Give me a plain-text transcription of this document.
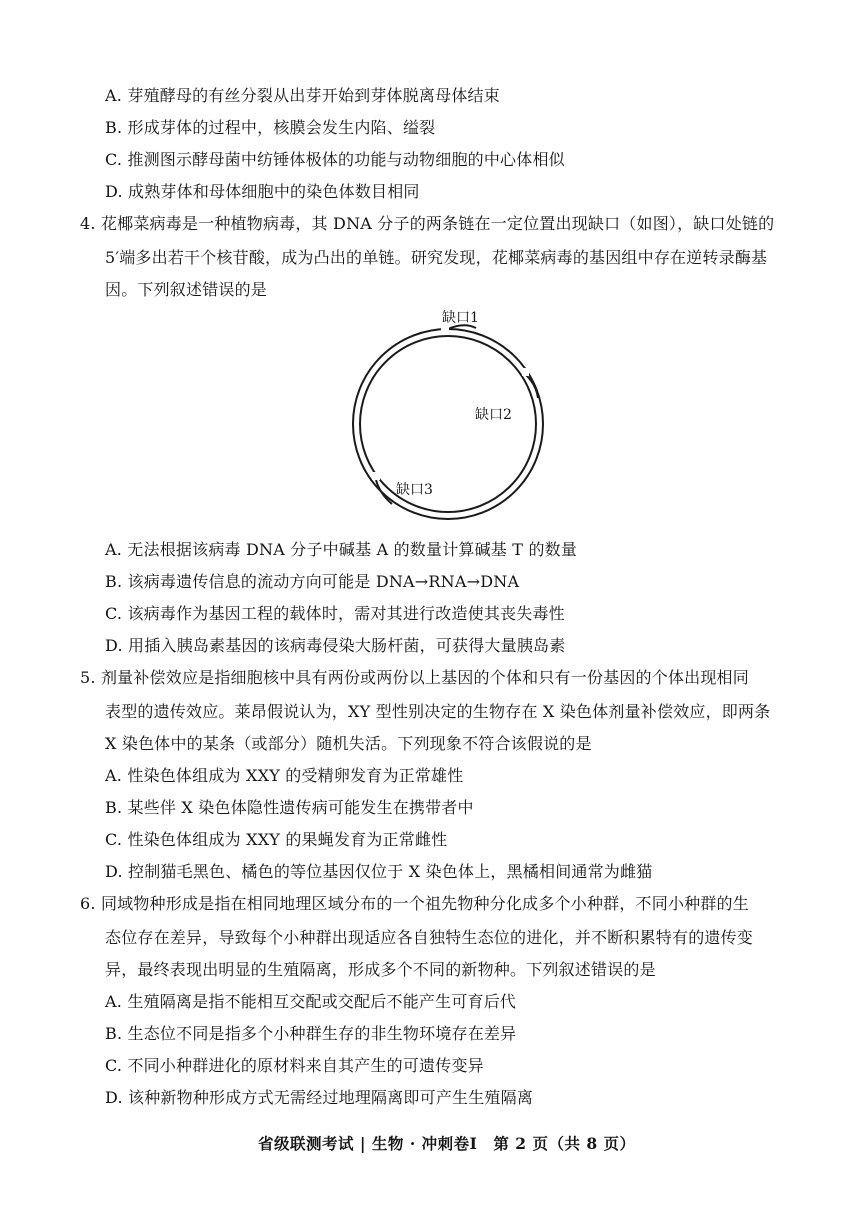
A. 芽殖酵母的有丝分裂从出芽开始到芽体脱离母体结束
B. 形成芽体的过程中，核膜会发生内陷、缢裂
C. 推测图示酵母菌中纺锤体极体的功能与动物细胞的中心体相似
D. 成熟芽体和母体细胞中的染色体数目相同
4. 花椰菜病毒是一种植物病毒，其 DNA 分子的两条链在一定位置出现缺口（如图），缺口处链的
5′端多出若干个核苷酸，成为凸出的单链。研究发现，花椰菜病毒的基因组中存在逆转录酶基
因。下列叙述错误的是
缺口1
缺口2
缺口3
A. 无法根据该病毒 DNA 分子中碱基 A 的数量计算碱基 T 的数量
B. 该病毒遗传信息的流动方向可能是 DNA→RNA→DNA
C. 该病毒作为基因工程的载体时，需对其进行改造使其丧失毒性
D. 用插入胰岛素基因的该病毒侵染大肠杆菌，可获得大量胰岛素
5. 剂量补偿效应是指细胞核中具有两份或两份以上基因的个体和只有一份基因的个体出现相同
表型的遗传效应。莱昂假说认为，XY 型性别决定的生物存在 X 染色体剂量补偿效应，即两条
X 染色体中的某条（或部分）随机失活。下列现象不符合该假说的是
A. 性染色体组成为 XXY 的受精卵发育为正常雄性
B. 某些伴 X 染色体隐性遗传病可能发生在携带者中
C. 性染色体组成为 XXY 的果蝇发育为正常雌性
D. 控制猫毛黑色、橘色的等位基因仅位于 X 染色体上，黑橘相间通常为雌猫
6. 同域物种形成是指在相同地理区域分布的一个祖先物种分化成多个小种群，不同小种群的生
态位存在差异，导致每个小种群出现适应各自独特生态位的进化，并不断积累特有的遗传变
异，最终表现出明显的生殖隔离，形成多个不同的新物种。下列叙述错误的是
A. 生殖隔离是指不能相互交配或交配后不能产生可育后代
B. 生态位不同是指多个小种群生存的非生物环境存在差异
C. 不同小种群进化的原材料来自其产生的可遗传变异
D. 该种新物种形成方式无需经过地理隔离即可产生生殖隔离
省级联测考试 | 生物 · 冲刺卷Ⅰ　第 2 页（共 8 页）
